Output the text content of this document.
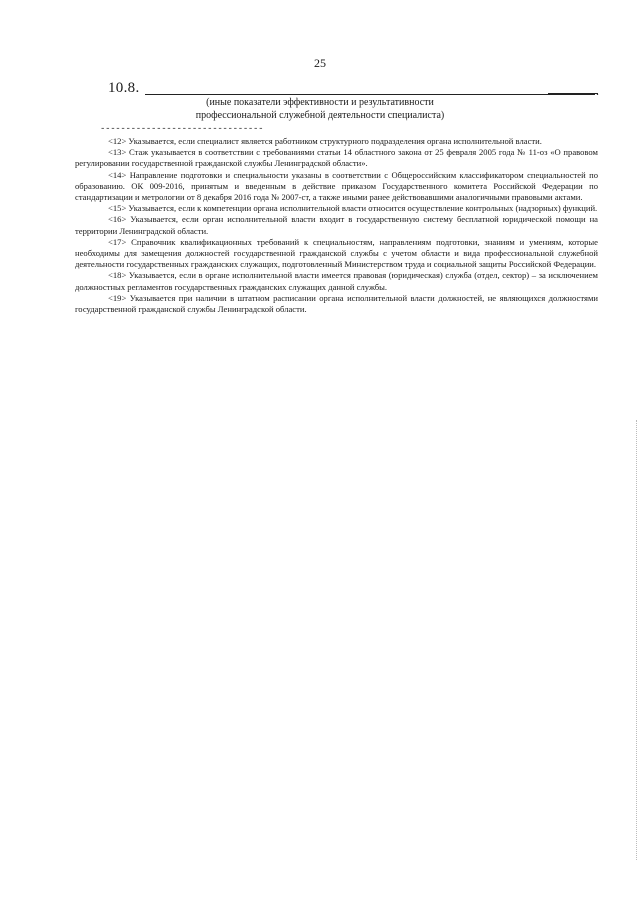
25
10.8.	.
(иные показатели эффективности и результативности
профессиональной служебной деятельности специалиста)
--------------------------------

<12> Указывается, если специалист является работником структурного подразделения органа исполнительной власти.

<13> Стаж указывается в соответствии с требованиями статьи 14 областного закона от 25 февраля 2005 года № 11-оз «О правовом регулировании государственной гражданской службы Ленинградской области».

<14> Направление подготовки и специальности указаны в соответствии с Общероссийским классификатором специальностей по образованию. ОК 009-2016, принятым и введенным в действие приказом Государственного комитета Российской Федерации по стандартизации и метрологии от 8 декабря 2016 года № 2007-ст, а также иными ранее действовавшими аналогичными правовыми актами.

<15> Указывается, если к компетенции органа исполнительной власти относится осуществление контрольных (надзорных) функций.

<16> Указывается, если орган исполнительной власти входит в государственную систему бесплатной юридической помощи на территории Ленинградской области.

<17> Справочник квалификационных требований к специальностям, направлениям подготовки, знаниям и умениям, которые необходимы для замещения должностей государственной гражданской службы с учетом области и вида профессиональной служебной деятельности государственных гражданских служащих, подготовленный Министерством труда и социальной защиты Российской Федерации.

<18> Указывается, если в органе исполнительной власти имеется правовая (юридическая) служба (отдел, сектор) – за исключением должностных регламентов государственных гражданских служащих данной службы.

<19> Указывается при наличии в штатном расписании органа исполнительной власти должностей, не являющихся должностями государственной гражданской службы Ленинградской области.
